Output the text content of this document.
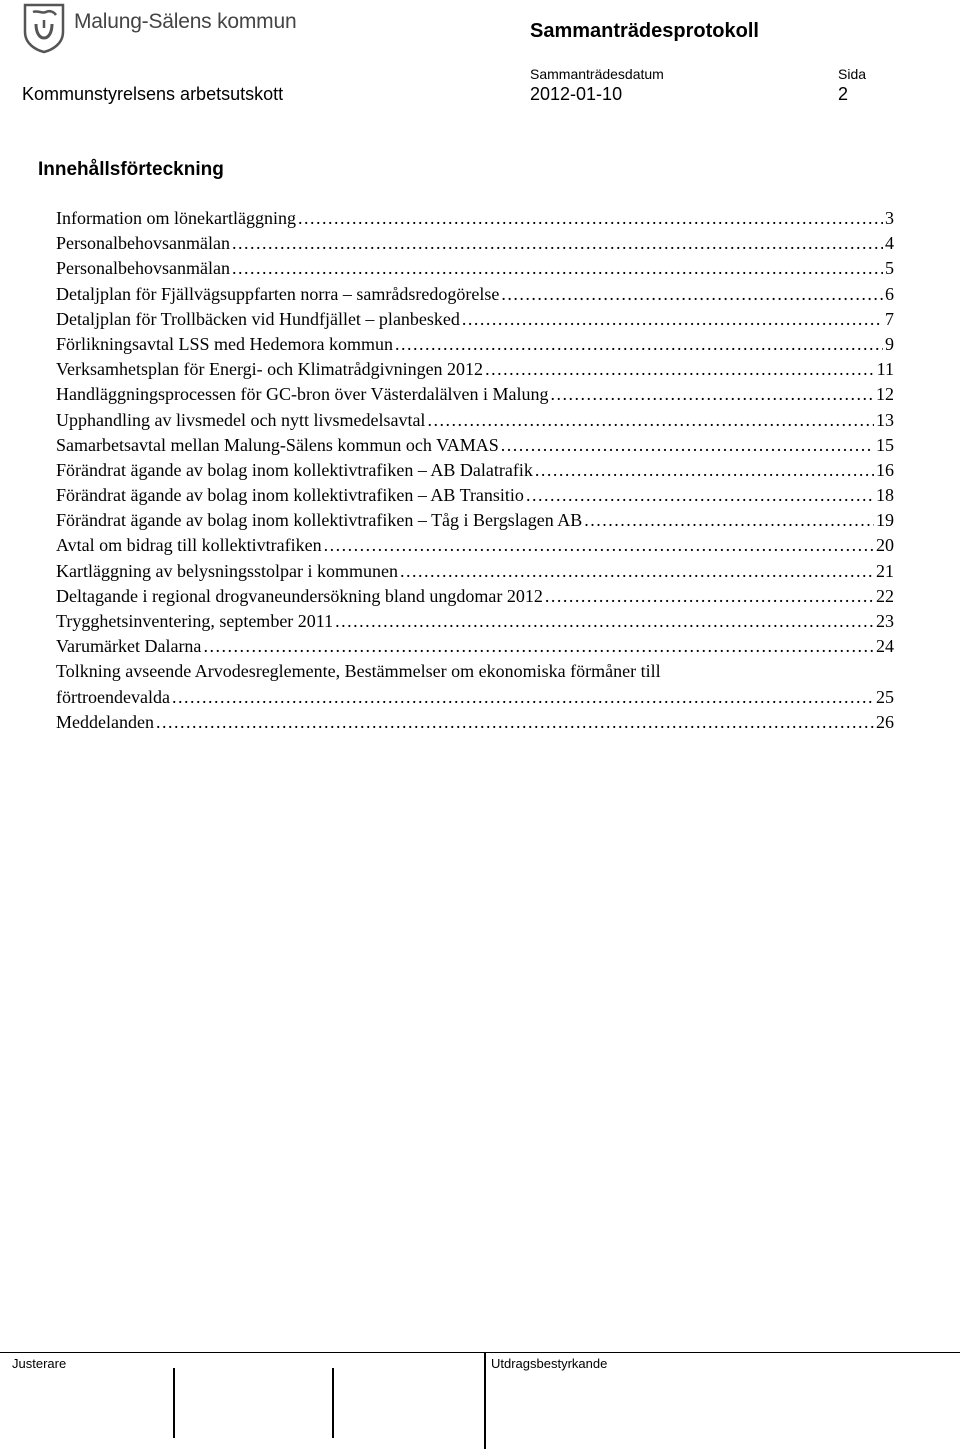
Malung-Sälens kommun	Sammanträdesprotokoll
Sammanträdesdatum	Sida
Kommunstyrelsens arbetsutskott	2012-01-10	2
Innehållsförteckning
Information om lönekartläggning . . .	3
Personalbehovsanmälan . . .	4
Personalbehovsanmälan . . .	5
Detaljplan för Fjällvägsuppfarten norra – samrådsredogörelse . . .	6
Detaljplan för Trollbäcken vid Hundfjället – planbesked . . .	7
Förlikningsavtal LSS med Hedemora kommun . . .	9
Verksamhetsplan för Energi- och Klimatrådgivningen 2012 . . .	11
Handläggningsprocessen för GC-bron över Västerdalälven i Malung . . .	12
Upphandling av livsmedel och nytt livsmedelsavtal . . .	13
Samarbetsavtal mellan Malung-Sälens kommun och VAMAS . . .	15
Förändrat ägande av bolag inom kollektivtrafiken – AB Dalatrafik . . .	16
Förändrat ägande av bolag inom kollektivtrafiken – AB Transitio . . .	18
Förändrat ägande av bolag inom kollektivtrafiken – Tåg i Bergslagen AB . . .	19
Avtal om bidrag till kollektivtrafiken . . .	20
Kartläggning av belysningsstolpar i kommunen . . .	21
Deltagande i regional drogvaneundersökning bland ungdomar 2012 . . .	22
Trygghetsinventering, september 2011 . . .	23
Varumärket Dalarna . . .	24
Tolkning avseende Arvodesreglemente, Bestämmelser om ekonomiska förmåner till
förtroendevalda . . .	25
Meddelanden . . .	26
Justerare	Utdragsbestyrkande
